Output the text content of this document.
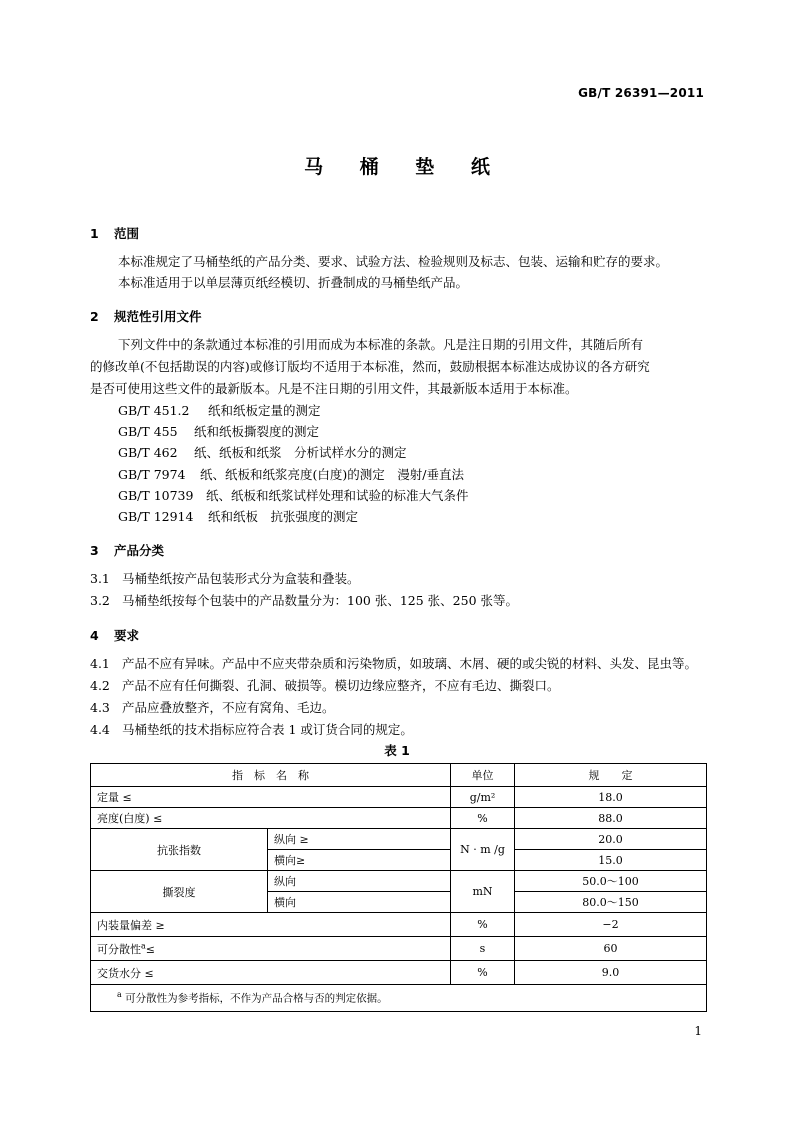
GB/T 26391—2011
马 桶 垫 纸
1 范围
本标准规定了马桶垫纸的产品分类、要求、试验方法、检验规则及标志、包装、运输和贮存的要求。
本标准适用于以单层薄页纸经模切、折叠制成的马桶垫纸产品。
2 规范性引用文件
下列文件中的条款通过本标准的引用而成为本标准的条款。凡是注日期的引用文件，其随后所有
的修改单(不包括勘误的内容)或修订版均不适用于本标准，然而，鼓励根据本标准达成协议的各方研究
是否可使用这些文件的最新版本。凡是不注日期的引用文件，其最新版本适用于本标准。
GB/T 451.2 纸和纸板定量的测定
GB/T 455 纸和纸板撕裂度的测定
GB/T 462 纸、纸板和纸浆　分析试样水分的测定
GB/T 7974 纸、纸板和纸浆亮度(白度)的测定　漫射/垂直法
GB/T 10739 纸、纸板和纸浆试样处理和试验的标准大气条件
GB/T 12914 纸和纸板　抗张强度的测定
3 产品分类
3.1 马桶垫纸按产品包装形式分为盒装和叠装。
3.2 马桶垫纸按每个包装中的产品数量分为：100 张、125 张、250 张等。
4 要求
4.1 产品不应有异味。产品中不应夹带杂质和污染物质，如玻璃、木屑、硬的或尖锐的材料、头发、昆虫等。
4.2 产品不应有任何撕裂、孔洞、破损等。模切边缘应整齐，不应有毛边、撕裂口。
4.3 产品应叠放整齐，不应有窝角、毛边。
4.4 马桶垫纸的技术指标应符合表 1 或订货合同的规定。
表 1
指　标　名　称		单位	规　　定
定量 ≤		g/m²	18.0
亮度(白度) ≤		%	88.0
抗张指数	纵向 ≥	N · m /g	20.0
	横向≥		15.0
撕裂度	纵向	mN	50.0～100
	横向		80.0～150
内装量偏差 ≥		%	−2
可分散性$^a$≤		s	60
交货水分 ≤		%	9.0
$^a$ 可分散性为参考指标，不作为产品合格与否的判定依据。			
1
